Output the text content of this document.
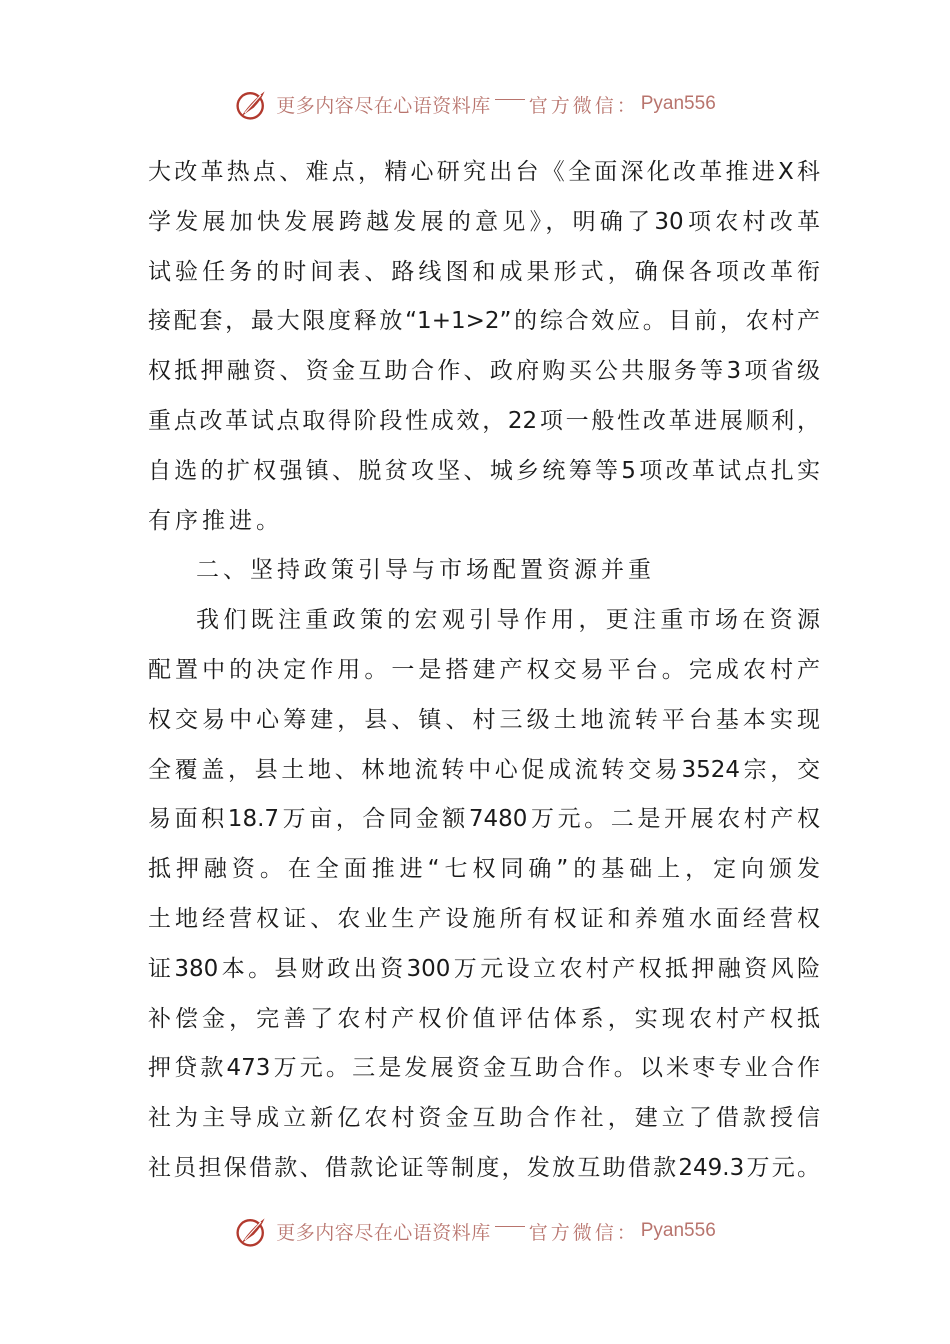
更多内容尽在心语资料库 官方微信： Pyan556
大改革热点、难点，精心研究出台《全面深化改革推进X科
学发展加快发展跨越发展的意见》，明确了30项农村改革
试验任务的时间表、路线图和成果形式，确保各项改革衔
接配套，最大限度释放“1+1>2”的综合效应。目前，农村产
权抵押融资、资金互助合作、政府购买公共服务等3项省级
重点改革试点取得阶段性成效，22项一般性改革进展顺利，
自选的扩权强镇、脱贫攻坚、城乡统筹等5项改革试点扎实
有序推进。
二、坚持政策引导与市场配置资源并重
我们既注重政策的宏观引导作用，更注重市场在资源
配置中的决定作用。一是搭建产权交易平台。完成农村产
权交易中心筹建，县、镇、村三级土地流转平台基本实现
全覆盖，县土地、林地流转中心促成流转交易3524宗，交
易面积18.7万亩，合同金额7480万元。二是开展农村产权
抵押融资。在全面推进“七权同确”的基础上，定向颁发
土地经营权证、农业生产设施所有权证和养殖水面经营权
证380本。县财政出资300万元设立农村产权抵押融资风险
补偿金，完善了农村产权价值评估体系，实现农村产权抵
押贷款473万元。三是发展资金互助合作。以米枣专业合作
社为主导成立新亿农村资金互助合作社，建立了借款授信
社员担保借款、借款论证等制度，发放互助借款249.3万元。
更多内容尽在心语资料库 官方微信： Pyan556
